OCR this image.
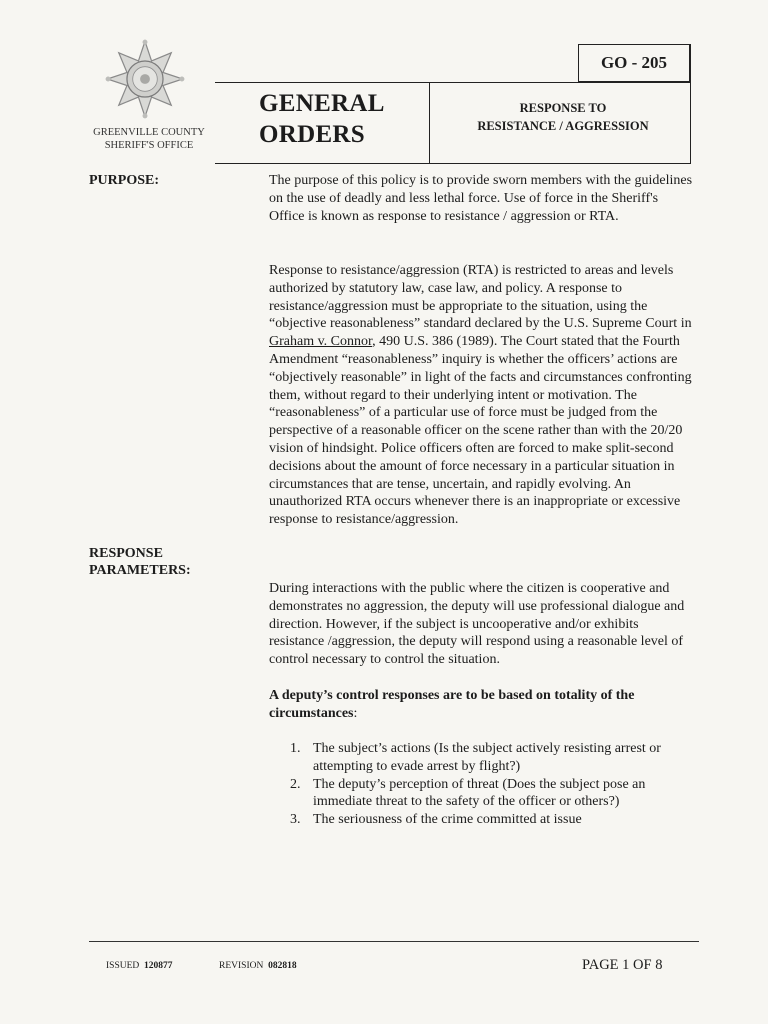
GREENVILLE COUNTY
SHERIFF'S OFFICE
GO - 205
GENERAL
ORDERS
RESPONSE TO
RESISTANCE / AGGRESSION
PURPOSE:	The purpose of this policy is to provide sworn members with the guidelines on the use of deadly and less lethal force. Use of force in the Sheriff's Office is known as response to resistance / aggression or RTA.
Response to resistance/aggression (RTA) is restricted to areas and levels authorized by statutory law, case law, and policy. A response to resistance/aggression must be appropriate to the situation, using the “objective reasonableness” standard declared by the U.S. Supreme Court in Graham v. Connor, 490 U.S. 386 (1989). The Court stated that the Fourth Amendment “reasonableness” inquiry is whether the officers’ actions are “objectively reasonable” in light of the facts and circumstances confronting them, without regard to their underlying intent or motivation. The “reasonableness” of a particular use of force must be judged from the perspective of a reasonable officer on the scene rather than with the 20/20 vision of hindsight. Police officers often are forced to make split-second decisions about the amount of force necessary in a particular situation in circumstances that are tense, uncertain, and rapidly evolving. An unauthorized RTA occurs whenever there is an inappropriate or excessive response to resistance/aggression.
RESPONSE
PARAMETERS:
During interactions with the public where the citizen is cooperative and demonstrates no aggression, the deputy will use professional dialogue and direction. However, if the subject is uncooperative and/or exhibits resistance /aggression, the deputy will respond using a reasonable level of control necessary to control the situation.
A deputy’s control responses are to be based on totality of the circumstances:
1. The subject’s actions (Is the subject actively resisting arrest or attempting to evade arrest by flight?)
2. The deputy’s perception of threat (Does the subject pose an immediate threat to the safety of the officer or others?)
3. The seriousness of the crime committed at issue
ISSUED 120877	REVISION 082818	PAGE 1 OF 8
